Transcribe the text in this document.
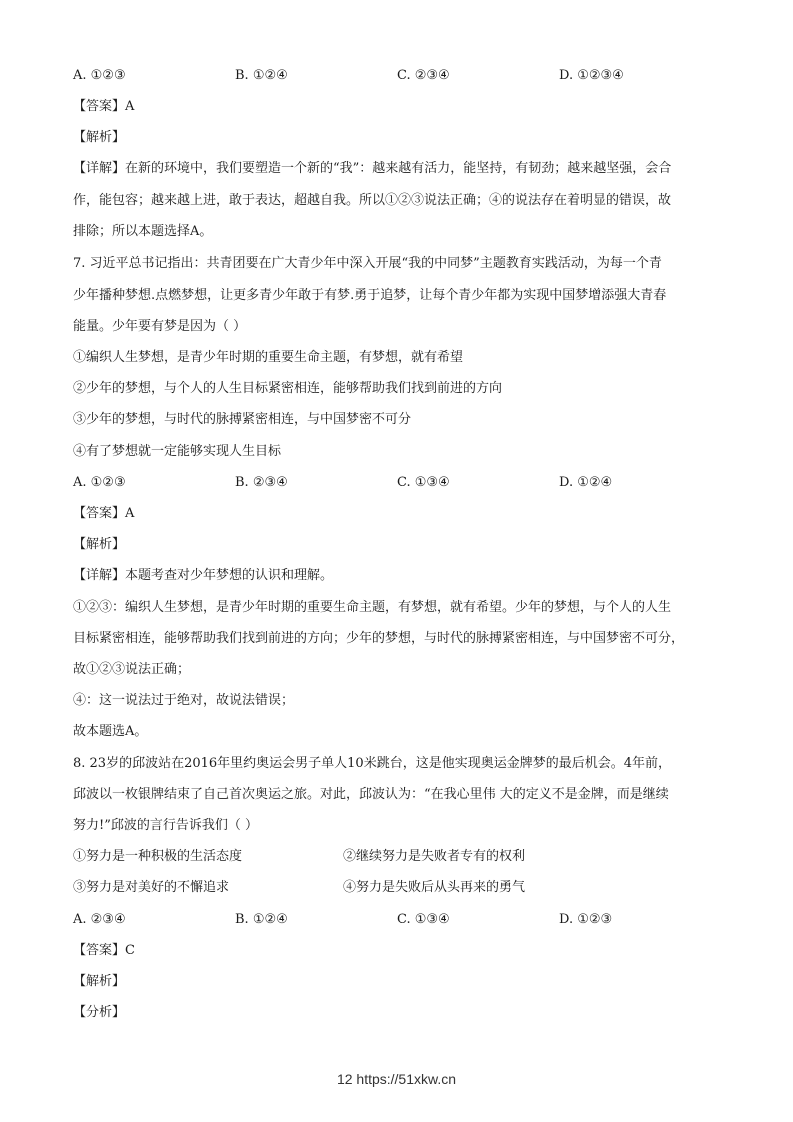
A. ①②③	B. ①②④	C. ②③④	D. ①②③④
【答案】A
【解析】
【详解】在新的环境中，我们要塑造一个新的“我”：越来越有活力，能坚持，有韧劲；越来越坚强，会合
作，能包容；越来越上进，敢于表达，超越自我。所以①②③说法正确；④的说法存在着明显的错误，故
排除；所以本题选择A。
7. 习近平总书记指出：共青团要在广大青少年中深入开展“我的中同梦”主题教育实践活动，为每一个青
少年播种梦想.点燃梦想，让更多青少年敢于有梦.勇于追梦，让每个青少年都为实现中国梦增添强大青春
能量。少年要有梦是因为（ ）
①编织人生梦想，是青少年时期的重要生命主题，有梦想，就有希望
②少年的梦想，与个人的人生目标紧密相连，能够帮助我们找到前进的方向
③少年的梦想，与时代的脉搏紧密相连，与中国梦密不可分
④有了梦想就一定能够实现人生目标
A. ①②③	B. ②③④	C. ①③④	D. ①②④
【答案】A
【解析】
【详解】本题考查对少年梦想的认识和理解。
①②③：编织人生梦想，是青少年时期的重要生命主题，有梦想，就有希望。少年的梦想，与个人的人生
目标紧密相连，能够帮助我们找到前进的方向；少年的梦想，与时代的脉搏紧密相连，与中国梦密不可分，
故①②③说法正确；
④：这一说法过于绝对，故说法错误；
故本题选A。
8. 23岁的邱波站在2016年里约奥运会男子单人10米跳台，这是他实现奥运金牌梦的最后机会。4年前，
邱波以一枚银牌结束了自己首次奥运之旅。对此，邱波认为：“在我心里伟 大的定义不是金牌，而是继续
努力!”邱波的言行告诉我们（ ）
①努力是一种积极的生活态度	②继续努力是失败者专有的权利
③努力是对美好的不懈追求	④努力是失败后从头再来的勇气
A. ②③④	B. ①②④	C. ①③④	D. ①②③
【答案】C
【解析】
【分析】
12 https://51xkw.cn
